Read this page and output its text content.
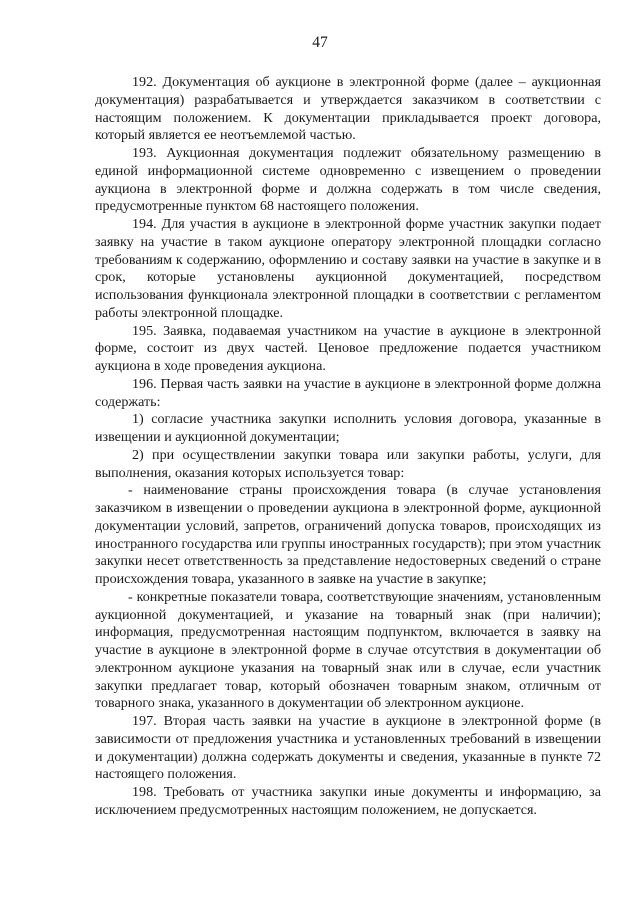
47

192. Документация об аукционе в электронной форме (далее – аукционная документация) разрабатывается и утверждается заказчиком в соответствии с настоящим положением. К документации прикладывается проект договора, который является ее неотъемлемой частью.

193. Аукционная документация подлежит обязательному размещению в единой информационной системе одновременно с извещением о проведении аукциона в электронной форме и должна содержать в том числе сведения, предусмотренные пунктом 68 настоящего положения.

194. Для участия в аукционе в электронной форме участник закупки подает заявку на участие в таком аукционе оператору электронной площадки согласно требованиям к содержанию, оформлению и составу заявки на участие в закупке и в срок, которые установлены аукционной документацией, посредством использования функционала электронной площадки в соответствии с регламентом работы электронной площадке.

195. Заявка, подаваемая участником на участие в аукционе в электронной форме, состоит из двух частей. Ценовое предложение подается участником аукциона в ходе проведения аукциона.

196. Первая часть заявки на участие в аукционе в электронной форме должна содержать:

1) согласие участника закупки исполнить условия договора, указанные в извещении и аукционной документации;

2) при осуществлении закупки товара или закупки работы, услуги, для выполнения, оказания которых используется товар:

- наименование страны происхождения товара (в случае установления заказчиком в извещении о проведении аукциона в электронной форме, аукционной документации условий, запретов, ограничений допуска товаров, происходящих из иностранного государства или группы иностранных государств); при этом участник закупки несет ответственность за представление недостоверных сведений о стране происхождения товара, указанного в заявке на участие в закупке;

- конкретные показатели товара, соответствующие значениям, установленным аукционной документацией, и указание на товарный знак (при наличии); информация, предусмотренная настоящим подпунктом, включается в заявку на участие в аукционе в электронной форме в случае отсутствия в документации об электронном аукционе указания на товарный знак или в случае, если участник закупки предлагает товар, который обозначен товарным знаком, отличным от товарного знака, указанного в документации об электронном аукционе.

197. Вторая часть заявки на участие в аукционе в электронной форме (в зависимости от предложения участника и установленных требований в извещении и документации) должна содержать документы и сведения, указанные в пункте 72 настоящего положения.

198. Требовать от участника закупки иные документы и информацию, за исключением предусмотренных настоящим положением, не допускается.
